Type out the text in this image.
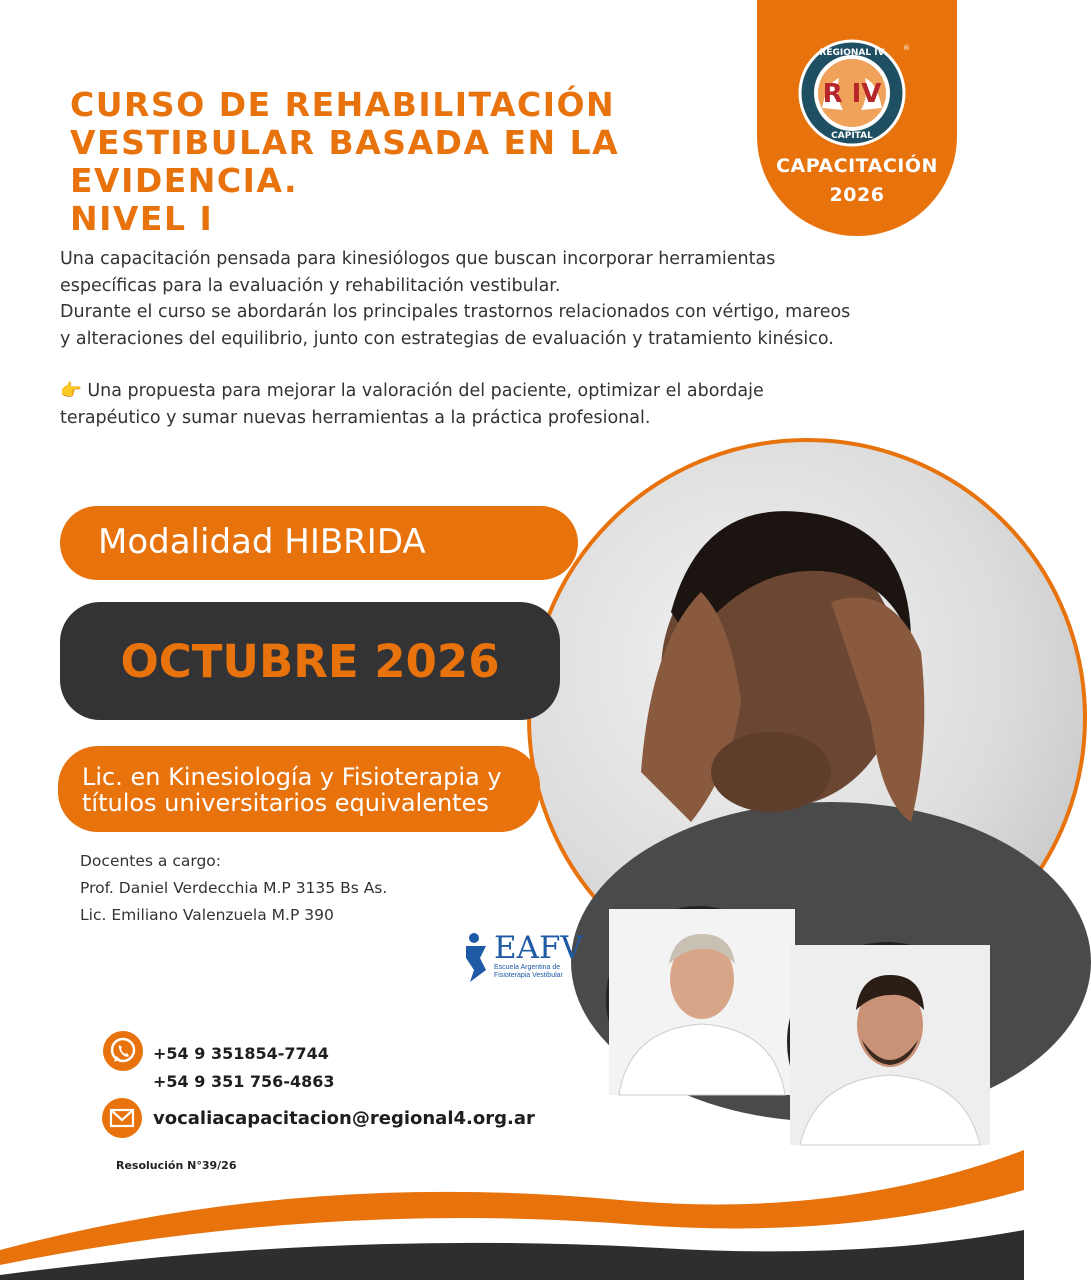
R IV
REGIONAL IV
CAPITAL
®
CAPACITACIÓN
2026
CURSO DE REHABILITACIÓN
VESTIBULAR BASADA EN LA
EVIDENCIA.
NIVEL I

Una capacitación pensada para kinesiólogos que buscan incorporar herramientas

específicas para la evaluación y rehabilitación vestibular.

Durante el curso se abordarán los principales trastornos relacionados con vértigo, mareos

y alteraciones del equilibrio, junto con estrategias de evaluación y tratamiento kinésico.

👉 Una propuesta para mejorar la valoración del paciente, optimizar el abordaje

terapéutico y sumar nuevas herramientas a la práctica profesional.

Modalidad HIBRIDA
OCTUBRE 2026
Lic. en Kinesiología y Fisioterapia y
títulos universitarios equivalentes
Docentes a cargo:
Prof. Daniel Verdecchia M.P 3135 Bs As.
Lic. Emiliano Valenzuela M.P 390
EAFV
Escuela Argentina de
Fisioterapia Vestibular
+54 9 351854-7744
+54 9 351 756-4863
vocaliacapacitacion@regional4.org.ar
Resolución N°39/26
